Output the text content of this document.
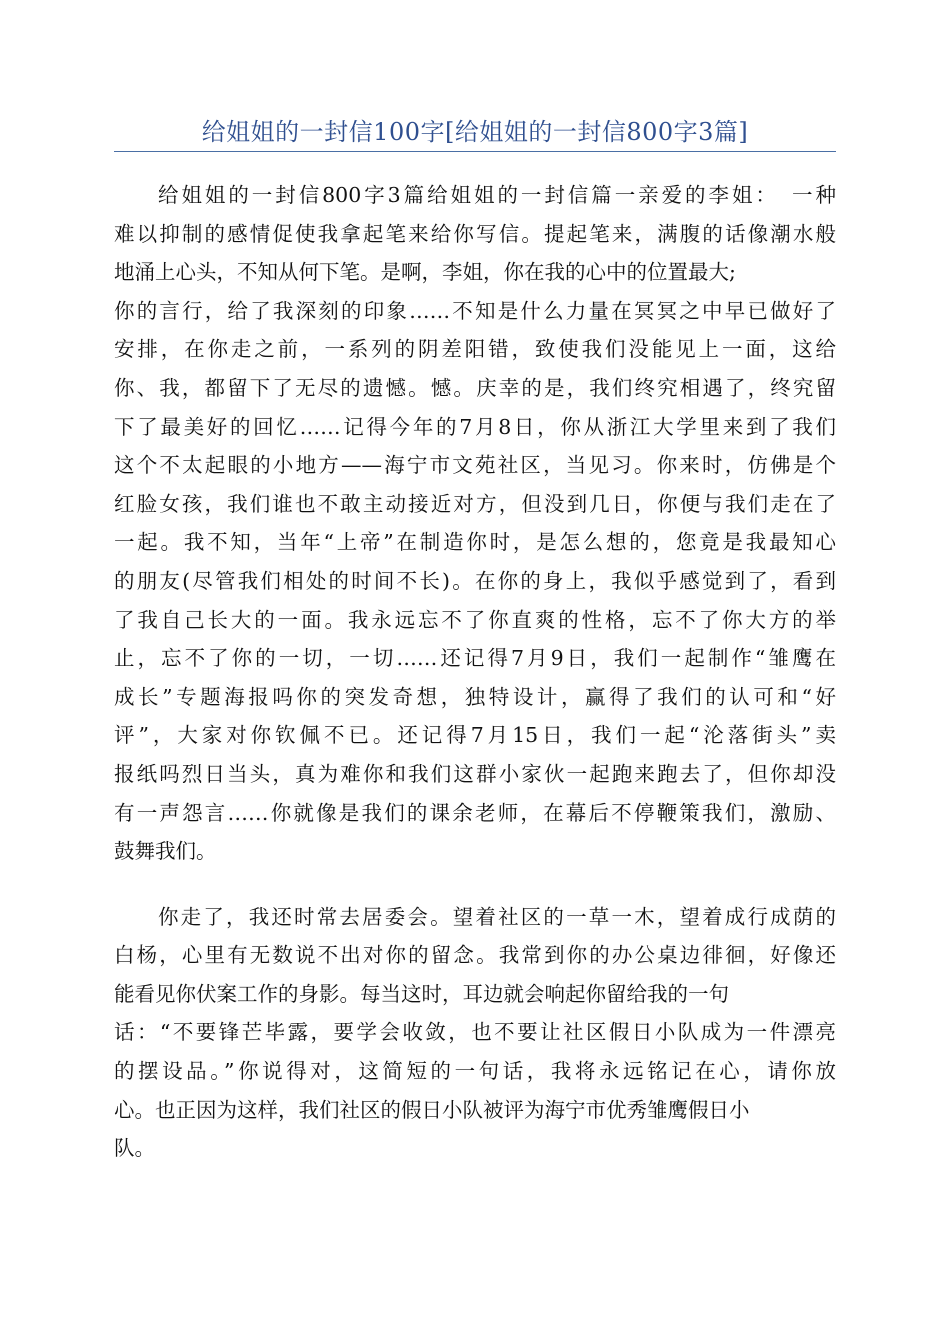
给姐姐的一封信100字[给姐姐的一封信800字3篇]
给姐姐的一封信800字3篇给姐姐的一封信篇一亲爱的李姐：　一种
难以抑制的感情促使我拿起笔来给你写信。提起笔来，满腹的话像潮水般
地涌上心头，不知从何下笔。是啊，李姐，你在我的心中的位置最大;
你的言行，给了我深刻的印象……不知是什么力量在冥冥之中早已做好了
安排，在你走之前，一系列的阴差阳错，致使我们没能见上一面，这给
你、我，都留下了无尽的遗憾。憾。庆幸的是，我们终究相遇了，终究留
下了最美好的回忆……记得今年的7月8日，你从浙江大学里来到了我们
这个不太起眼的小地方——海宁市文苑社区，当见习。你来时，仿佛是个
红脸女孩，我们谁也不敢主动接近对方，但没到几日，你便与我们走在了
一起。我不知，当年“上帝”在制造你时，是怎么想的，您竟是我最知心
的朋友(尽管我们相处的时间不长)。在你的身上，我似乎感觉到了，看到
了我自己长大的一面。我永远忘不了你直爽的性格，忘不了你大方的举
止，忘不了你的一切，一切……还记得7月9日，我们一起制作“雏鹰在
成长”专题海报吗你的突发奇想，独特设计，赢得了我们的认可和“好
评”，大家对你钦佩不已。还记得7月15日，我们一起“沦落街头”卖
报纸吗烈日当头，真为难你和我们这群小家伙一起跑来跑去了，但你却没
有一声怨言……你就像是我们的课余老师，在幕后不停鞭策我们，激励、
鼓舞我们。
你走了，我还时常去居委会。望着社区的一草一木，望着成行成荫的
白杨，心里有无数说不出对你的留念。我常到你的办公桌边徘徊，好像还
能看见你伏案工作的身影。每当这时，耳边就会响起你留给我的一句
话：“不要锋芒毕露，要学会收敛，也不要让社区假日小队成为一件漂亮
的摆设品。”你说得对，这简短的一句话，我将永远铭记在心，请你放
心。也正因为这样，我们社区的假日小队被评为海宁市优秀雏鹰假日小
队。
